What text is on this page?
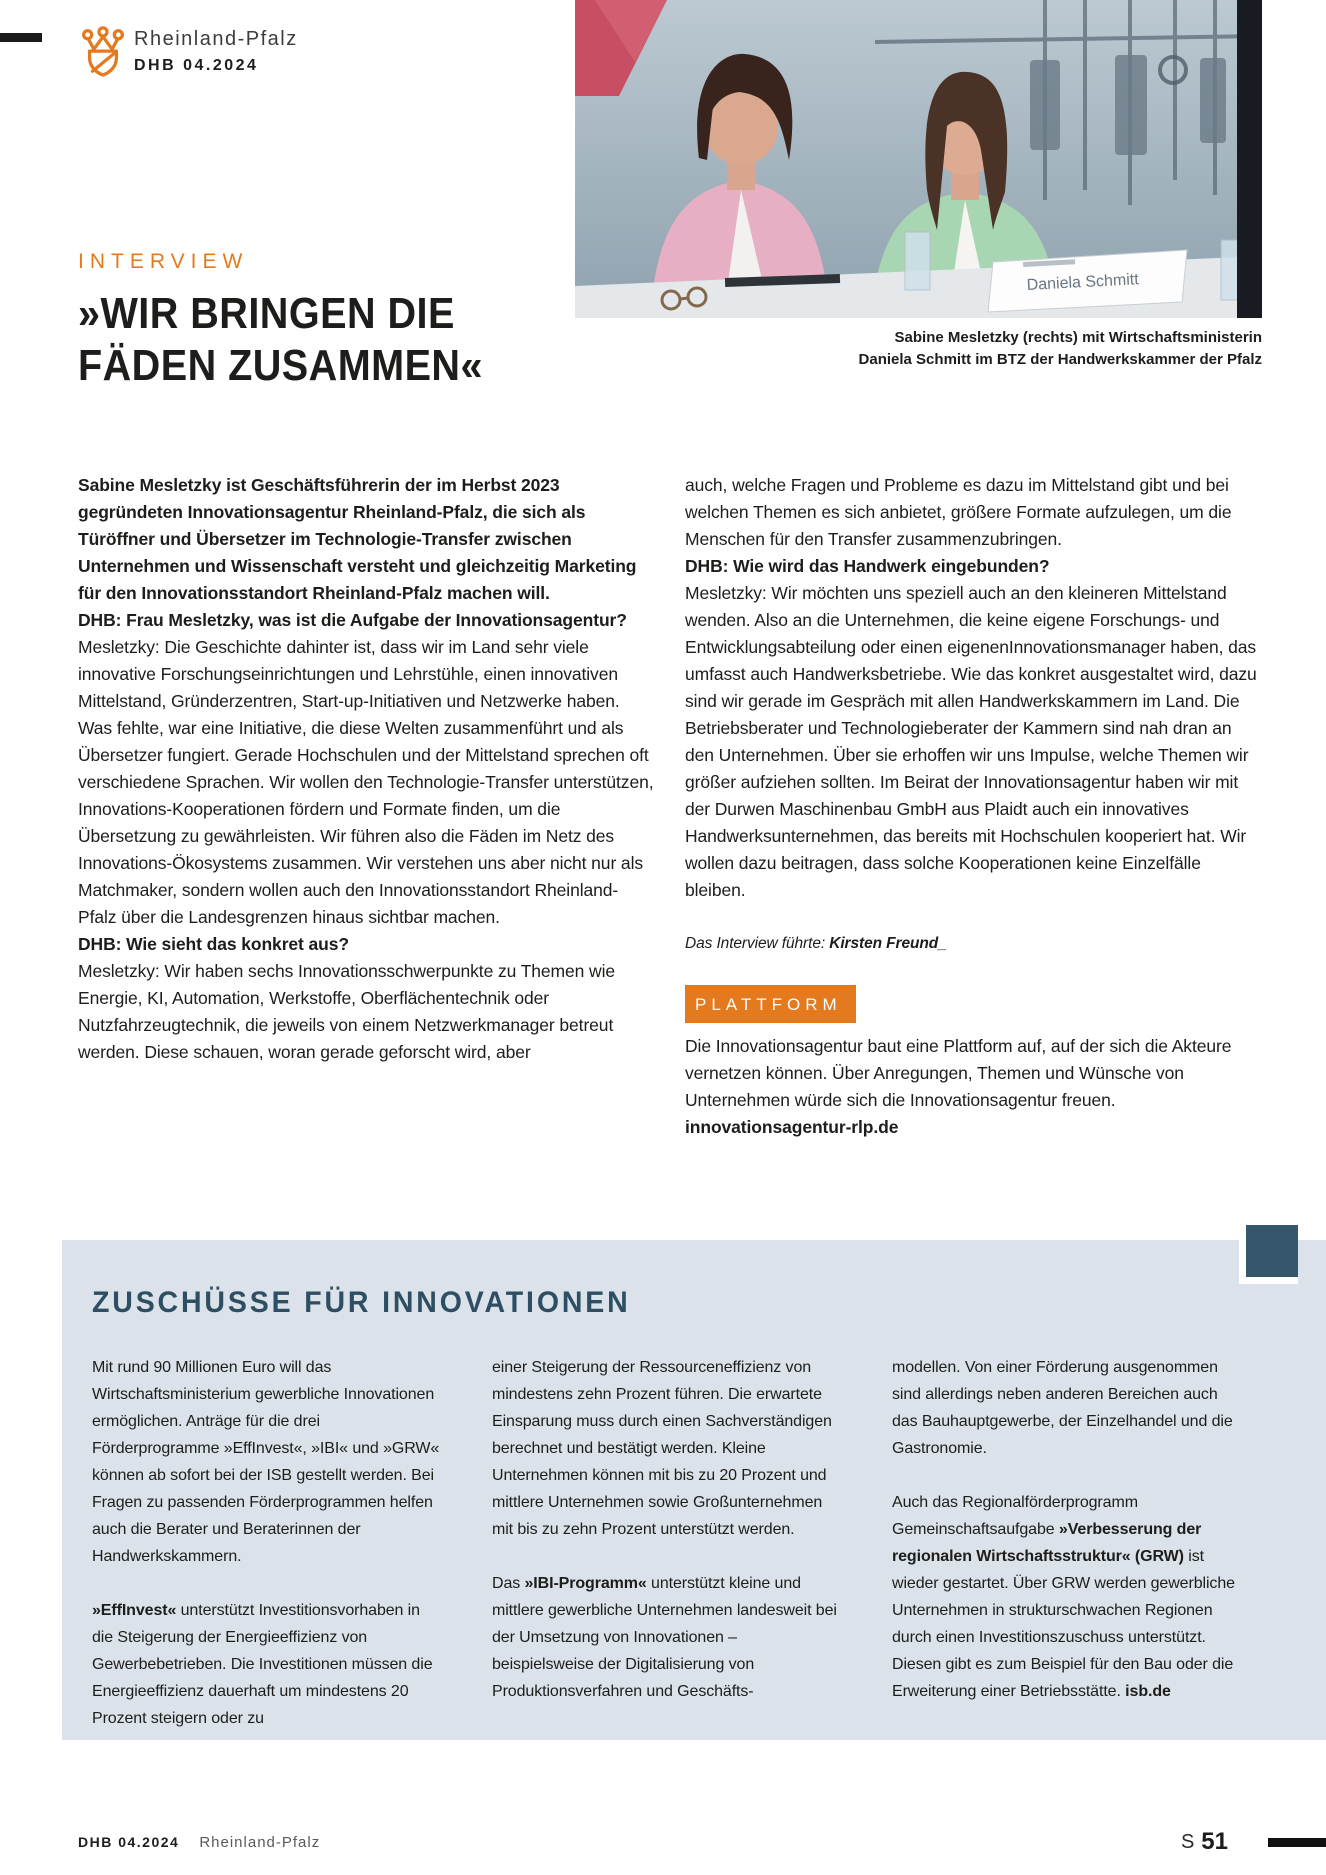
Rheinland-Pfalz
DHB 04.2024
Daniela Schmitt
Sabine Mesletzky (rechts) mit Wirtschaftsministerin
Daniela Schmitt im BTZ der Handwerkskammer der Pfalz
INTERVIEW
»WIR BRINGEN DIE
FÄDEN ZUSAMMEN«

Sabine Mesletzky ist Geschäftsführerin der im Herbst 2023 gegründeten Innovationsagentur Rheinland-Pfalz, die sich als Türöffner und Übersetzer im Technologie-Transfer zwischen Unternehmen und Wissenschaft versteht und gleichzeitig Marketing für den Innovationsstandort Rheinland-Pfalz machen will.

DHB: Frau Mesletzky, was ist die Aufgabe der Innovationsagentur?

Mesletzky: Die Geschichte dahinter ist, dass wir im Land sehr viele innovative Forschungseinrichtungen und Lehrstühle, einen innovativen Mittelstand, Gründerzentren, Start-up-Initiativen und Netzwerke haben. Was fehlte, war eine Initiative, die diese Welten zusammenführt und als Übersetzer fungiert. Gerade Hochschulen und der Mittelstand sprechen oft verschiedene Sprachen. Wir wollen den Technologie-Transfer unterstützen, Innovations-Kooperationen fördern und Formate finden, um die Übersetzung zu gewährleisten. Wir führen also die Fäden im Netz des Innovations-Ökosystems zusammen. Wir verstehen uns aber nicht nur als Matchmaker, sondern wollen auch den Innovationsstandort Rheinland-Pfalz über die Landesgrenzen hinaus sichtbar machen.

DHB: Wie sieht das konkret aus?

Mesletzky: Wir haben sechs Innovationsschwerpunkte zu Themen wie Energie, KI, Automation, Werkstoffe, Oberflächentechnik oder Nutzfahrzeugtechnik, die jeweils von einem Netzwerkmanager betreut werden. Diese schauen, woran gerade geforscht wird, aber

auch, welche Fragen und Probleme es dazu im Mittelstand gibt und bei welchen Themen es sich anbietet, größere Formate aufzulegen, um die Menschen für den Transfer zusammenzubringen.

DHB: Wie wird das Handwerk eingebunden?

Mesletzky: Wir möchten uns speziell auch an den kleineren Mittelstand wenden. Also an die Unternehmen, die keine eigene Forschungs- und Entwicklungsabteilung oder einen eigenenInnovationsmanager haben, das umfasst auch Handwerksbetriebe. Wie das konkret ausgestaltet wird, dazu sind wir gerade im Gespräch mit allen Handwerkskammern im Land. Die Betriebsberater und Technologieberater der Kammern sind nah dran an den Unternehmen. Über sie erhoffen wir uns Impulse, welche Themen wir größer aufziehen sollten. Im Beirat der Innovationsagentur haben wir mit der Durwen Maschinenbau GmbH aus Plaidt auch ein innovatives Handwerksunternehmen, das bereits mit Hochschulen kooperiert hat. Wir wollen dazu beitragen, dass solche Kooperationen keine Einzelfälle bleiben.

Das Interview führte: Kirsten Freund_

PLATTFORM

Die Innovationsagentur baut eine Plattform auf, auf der sich die Akteure vernetzen können. Über Anregungen, Themen und Wünsche von Unternehmen würde sich die Innovationsagentur freuen.

innovationsagentur-rlp.de

ZUSCHÜSSE FÜR INNOVATIONEN

Mit rund 90 Millionen Euro will das Wirtschaftsministerium gewerbliche Innovationen ermöglichen. Anträge für die drei Förderprogramme »EffInvest«, »IBI« und »GRW« können ab sofort bei der ISB gestellt werden. Bei Fragen zu passenden Förderprogrammen helfen auch die Berater und Beraterinnen der Handwerkskammern.

»EffInvest« unterstützt Investitionsvorhaben in die Steigerung der Energieeffizienz von Gewerbebetrieben. Die Investitionen müssen die Energieeffizienz dauerhaft um mindestens 20 Prozent steigern oder zu

einer Steigerung der Ressourceneffizienz von mindestens zehn Prozent führen. Die erwartete Einsparung muss durch einen Sachverständigen berechnet und bestätigt werden. Kleine Unternehmen können mit bis zu 20 Prozent und mittlere Unternehmen sowie Großunternehmen mit bis zu zehn Prozent unterstützt werden.

Das »IBI-Programm« unterstützt kleine und mittlere gewerbliche Unternehmen landesweit bei der Umsetzung von Innovationen – beispielsweise der Digitalisierung von Produktionsverfahren und Geschäfts-

modellen. Von einer Förderung ausgenommen sind allerdings neben anderen Bereichen auch das Bauhauptgewerbe, der Einzelhandel und die Gastronomie.

Auch das Regionalförderprogramm Gemeinschaftsaufgabe »Verbesserung der regionalen Wirtschaftsstruktur« (GRW) ist wieder gestartet. Über GRW werden gewerbliche Unternehmen in strukturschwachen Regionen durch einen Investitionszuschuss unterstützt. Diesen gibt es zum Beispiel für den Bau oder die Erweiterung einer Betriebsstätte. isb.de

DHB 04.2024 Rheinland-Pfalz	S 51
